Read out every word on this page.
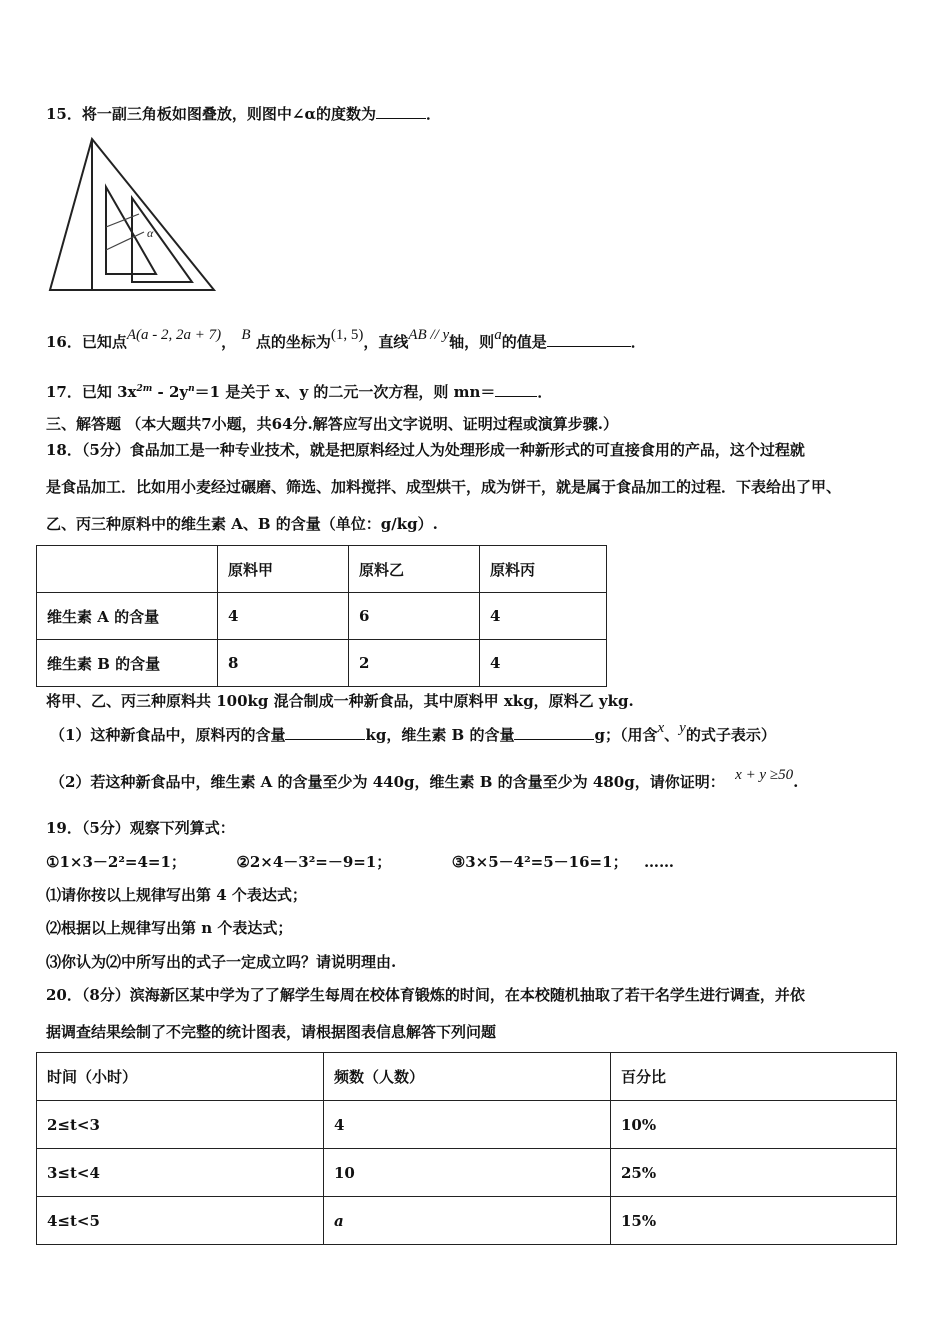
15．将一副三角板如图叠放，则图中∠α的度数为	．
α
16．已知点A(a - 2, 2a + 7)， B 点的坐标为(1, 5)，直线AB // y轴，则a的值是	．
17．已知 $3x^{2m} - 2y^n=1$ 是关于 x、y 的二元一次方程，则 mn＝	．
三、解答题 （本大题共7小题，共64分.解答应写出文字说明、证明过程或演算步骤.）
18．（5分）食品加工是一种专业技术，就是把原料经过人为处理形成一种新形式的可直接食用的产品，这个过程就
是食品加工．比如用小麦经过碾磨、筛选、加料搅拌、成型烘干，成为饼干，就是属于食品加工的过程．下表给出了甲、
乙、丙三种原料中的维生素 A、B 的含量（单位：g/kg）.
	原料甲	原料乙	原料丙
维生素 A 的含量	4	6	4
维生素 B 的含量	8	2	4
将甲、乙、丙三种原料共 100kg 混合制成一种新食品，其中原料甲 xkg，原料乙 ykg.
（1）这种新食品中，原料丙的含量	kg，维生素 B 的含量	g；（用含x、y的式子表示）
（2）若这种新食品中，维生素 A 的含量至少为 440g，维生素 B 的含量至少为 480g，请你证明： x + y ≥50.
19．（5分）观察下列算式：
①1×3－2²=4=1；	②2×4－3²=－9=1；	③3×5－4²=5－16=1； ……
⑴请你按以上规律写出第 4 个表达式；
⑵根据以上规律写出第 n 个表达式；
⑶你认为⑵中所写出的式子一定成立吗？请说明理由.
20．（8分）滨海新区某中学为了了解学生每周在校体育锻炼的时间，在本校随机抽取了若干名学生进行调查，并依
据调查结果绘制了不完整的统计图表，请根据图表信息解答下列问题
时间（小时）	频数（人数）	百分比
2≤t<3	4	10%
3≤t<4	10	25%
4≤t<5	a	15%
